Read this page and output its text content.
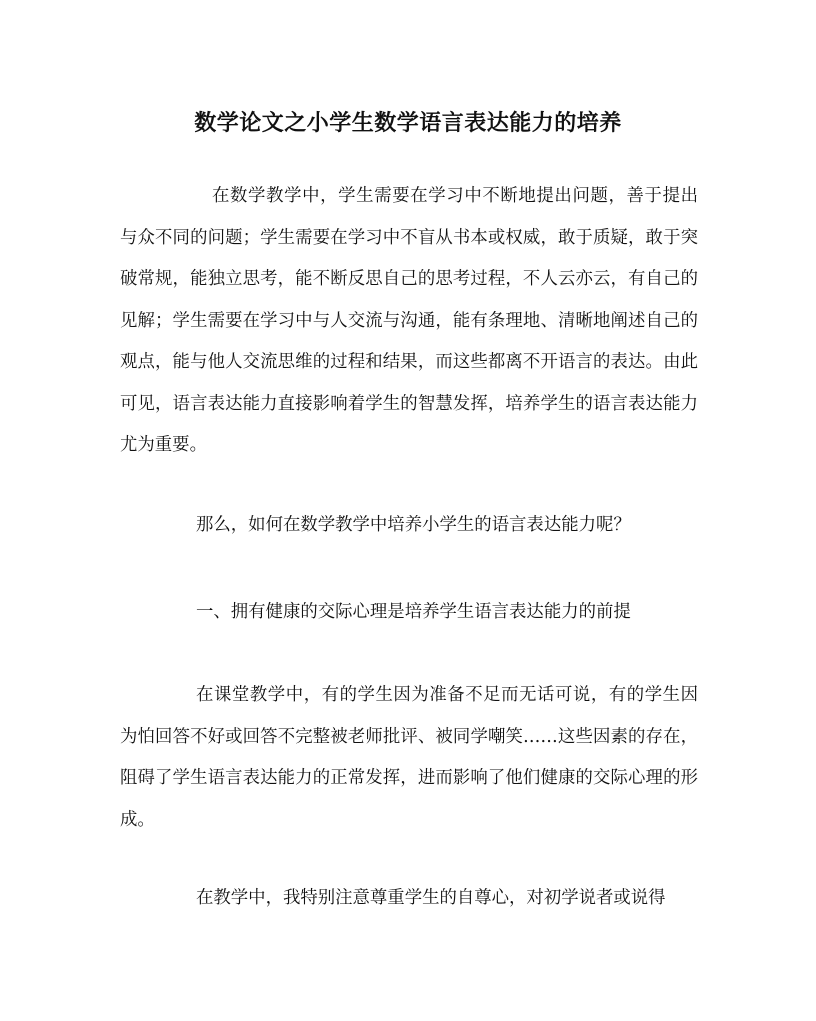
数学论文之小学生数学语言表达能力的培养

在数学教学中，学生需要在学习中不断地提出问题，善于提出与众不同的问题；学生需要在学习中不盲从书本或权威，敢于质疑，敢于突破常规，能独立思考，能不断反思自己的思考过程，不人云亦云，有自己的见解；学生需要在学习中与人交流与沟通，能有条理地、清晰地阐述自己的观点，能与他人交流思维的过程和结果，而这些都离不开语言的表达。由此可见，语言表达能力直接影响着学生的智慧发挥，培养学生的语言表达能力尤为重要。

那么，如何在数学教学中培养小学生的语言表达能力呢？

一、拥有健康的交际心理是培养学生语言表达能力的前提

在课堂教学中，有的学生因为准备不足而无话可说，有的学生因为怕回答不好或回答不完整被老师批评、被同学嘲笑……这些因素的存在，阻碍了学生语言表达能力的正常发挥，进而影响了他们健康的交际心理的形成。

在教学中，我特别注意尊重学生的自尊心，对初学说者或说得
